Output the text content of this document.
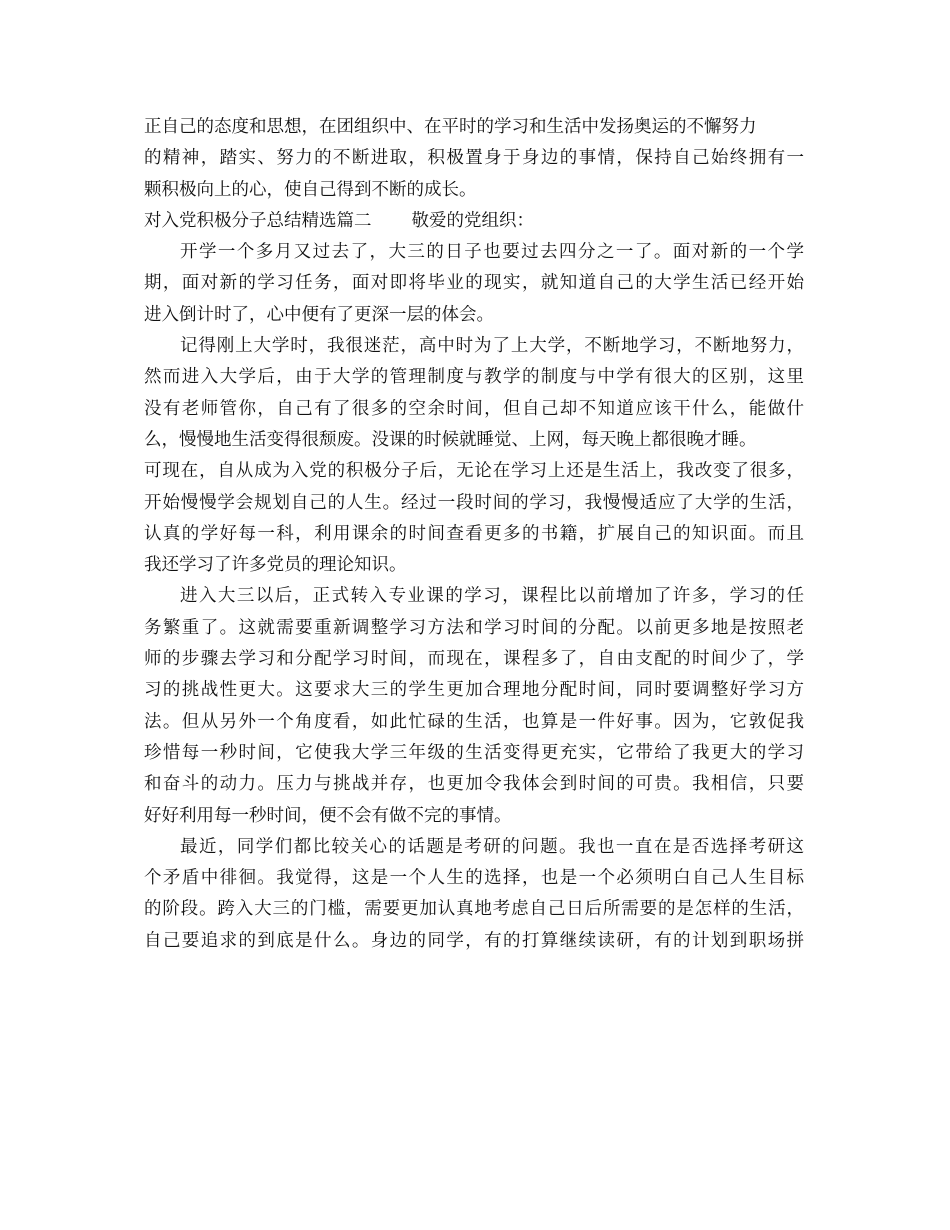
正自己的态度和思想，在团组织中、在平时的学习和生活中发扬奥运的不懈努力
的精神，踏实、努力的不断进取，积极置身于身边的事情，保持自己始终拥有一
颗积极向上的心，使自己得到不断的成长。
对入党积极分子总结精选篇二 敬爱的党组织：
开学一个多月又过去了，大三的日子也要过去四分之一了。面对新的一个学
期，面对新的学习任务，面对即将毕业的现实，就知道自己的大学生活已经开始
进入倒计时了，心中便有了更深一层的体会。
记得刚上大学时，我很迷茫，高中时为了上大学，不断地学习，不断地努力，
然而进入大学后，由于大学的管理制度与教学的制度与中学有很大的区别，这里
没有老师管你，自己有了很多的空余时间，但自己却不知道应该干什么，能做什
么，慢慢地生活变得很颓废。没课的时候就睡觉、上网，每天晚上都很晚才睡。
可现在，自从成为入党的积极分子后，无论在学习上还是生活上，我改变了很多，
开始慢慢学会规划自己的人生。经过一段时间的学习，我慢慢适应了大学的生活，
认真的学好每一科，利用课余的时间查看更多的书籍，扩展自己的知识面。而且
我还学习了许多党员的理论知识。
进入大三以后，正式转入专业课的学习，课程比以前增加了许多，学习的任
务繁重了。这就需要重新调整学习方法和学习时间的分配。以前更多地是按照老
师的步骤去学习和分配学习时间，而现在，课程多了，自由支配的时间少了，学
习的挑战性更大。这要求大三的学生更加合理地分配时间，同时要调整好学习方
法。但从另外一个角度看，如此忙碌的生活，也算是一件好事。因为，它敦促我
珍惜每一秒时间，它使我大学三年级的生活变得更充实，它带给了我更大的学习
和奋斗的动力。压力与挑战并存，也更加令我体会到时间的可贵。我相信，只要
好好利用每一秒时间，便不会有做不完的事情。
最近，同学们都比较关心的话题是考研的问题。我也一直在是否选择考研这
个矛盾中徘徊。我觉得，这是一个人生的选择，也是一个必须明白自己人生目标
的阶段。跨入大三的门槛，需要更加认真地考虑自己日后所需要的是怎样的生活，
自己要追求的到底是什么。身边的同学，有的打算继续读研，有的计划到职场拼
